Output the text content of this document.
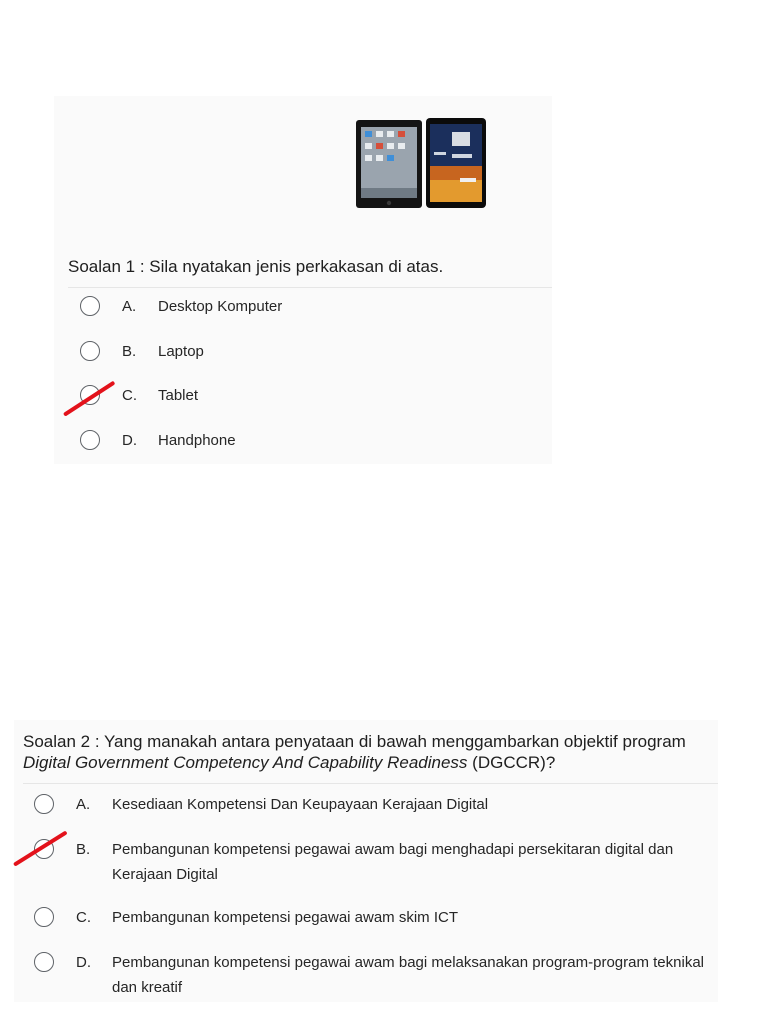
Soalan 1 : Sila nyatakan jenis perkakasan di atas.
A.	Desktop Komputer
B.	Laptop
C.	Tablet
D.	Handphone
Soalan 2 : Yang manakah antara penyataan di bawah menggambarkan objektif program
Digital Government Competency And Capability Readiness (DGCCR)?
A.	Kesediaan Kompetensi Dan Keupayaan Kerajaan Digital
B.	Pembangunan kompetensi pegawai awam bagi menghadapi persekitaran digital dan Kerajaan Digital
C.	Pembangunan kompetensi pegawai awam skim ICT
D.	Pembangunan kompetensi pegawai awam bagi melaksanakan program-program teknikal dan kreatif
